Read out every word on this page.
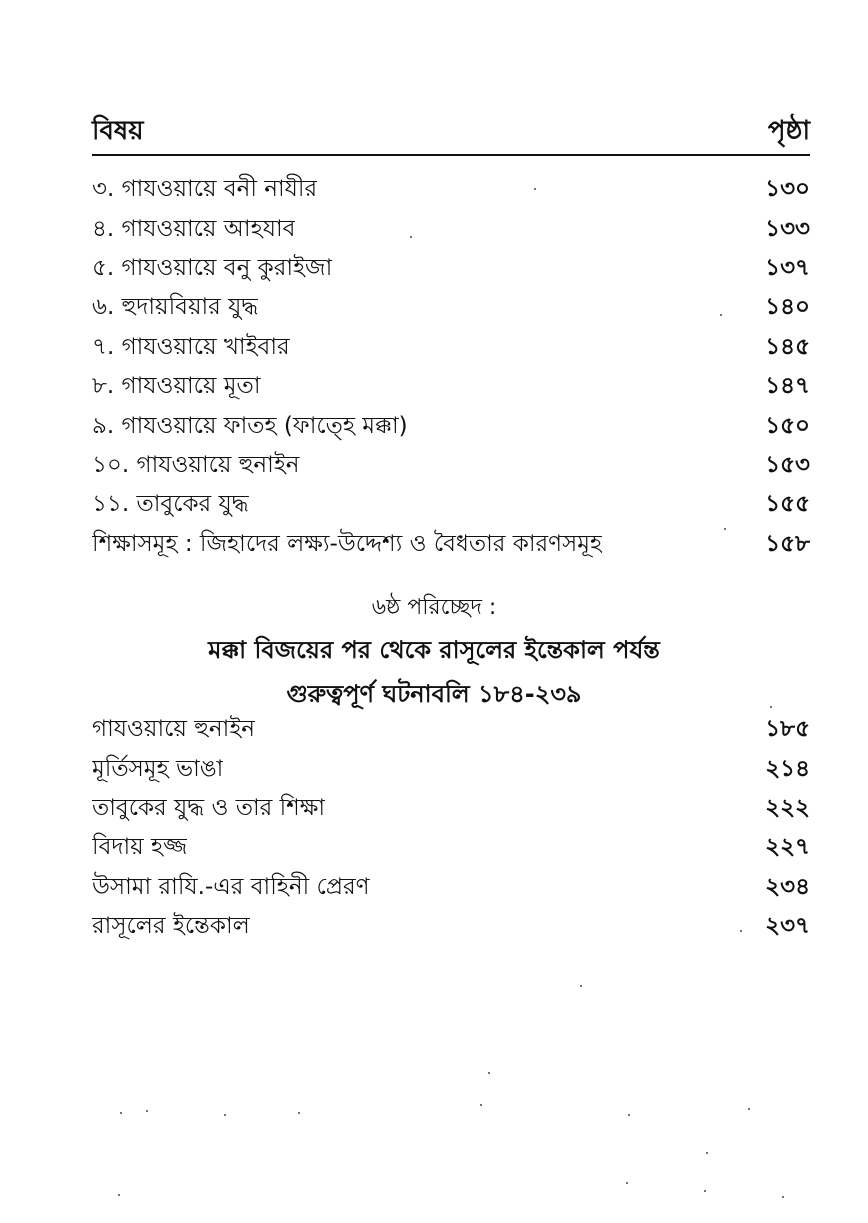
বিষয়	পৃষ্ঠা
৩. গাযওয়ায়ে বনী নাযীর	১৩০
৪. গাযওয়ায়ে আহযাব	১৩৩
৫. গাযওয়ায়ে বনু কুরাইজা	১৩৭
৬. হুদায়বিয়ার যুদ্ধ	১৪০
৭. গাযওয়ায়ে খাইবার	১৪৫
৮. গাযওয়ায়ে মূতা	১৪৭
৯. গাযওয়ায়ে ফাতহ (ফাত্হে মক্কা)	১৫০
১০. গাযওয়ায়ে হুনাইন	১৫৩
১১. তাবুকের যুদ্ধ	১৫৫
শিক্ষাসমূহ : জিহাদের লক্ষ্য-উদ্দেশ্য ও বৈধতার কারণসমূহ	১৫৮
৬ষ্ঠ পরিচ্ছেদ :
মক্কা বিজয়ের পর থেকে রাসূলের ইন্তেকাল পর্যন্ত
গুরুত্বপূর্ণ ঘটনাবলি ১৮৪-২৩৯
গাযওয়ায়ে হুনাইন	১৮৫
মূর্তিসমূহ ভাঙা	২১৪
তাবুকের যুদ্ধ ও তার শিক্ষা	২২২
বিদায় হজ্জ	২২৭
উসামা রাযি.-এর বাহিনী প্রেরণ	২৩৪
রাসূলের ইন্তেকাল	২৩৭
